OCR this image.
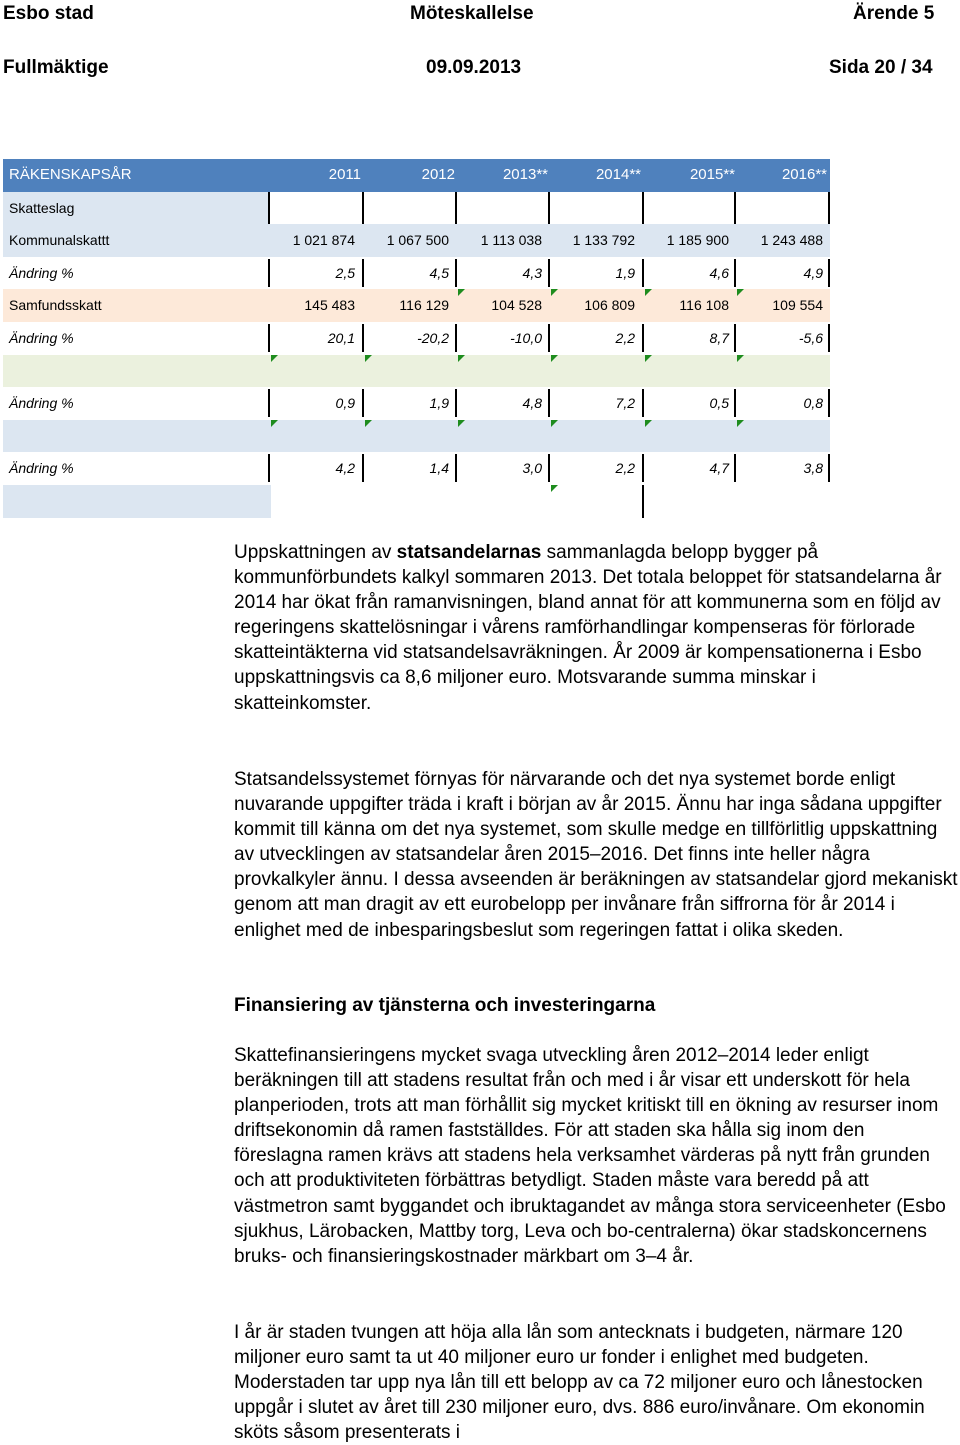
Esbo stad	Möteskallelse	Ärende 5
Fullmäktige	09.09.2013	Sida 20 / 34
RÄKENSKAPSÅR	2011	2012	2013**	2014**	2015**	2016**
Skatteslag
Kommunalskattt	1 021 874	1 067 500	1 113 038	1 133 792	1 185 900	1 243 488
Ändring %	2,5	4,5	4,3	1,9	4,6	4,9
Samfundsskatt	145 483	116 129	104 528	106 809	116 108	109 554
Ändring %	20,1	-20,2	-10,0	2,2	8,7	-5,6
Ändring %	0,9	1,9	4,8	7,2	0,5	0,8
Ändring %	4,2	1,4	3,0	2,2	4,7	3,8

Uppskattningen av statsandelarnas sammanlagda belopp bygger på kommunförbundets kalkyl sommaren 2013. Det totala beloppet för statsandelarna år 2014 har ökat från ramanvisningen, bland annat för att kommunerna som en följd av regeringens skattelösningar i vårens ramförhandlingar kompenseras för förlorade skatteintäkterna vid statsandelsavräkningen. År 2009 är kompensationerna i Esbo uppskattningsvis ca 8,6 miljoner euro. Motsvarande summa minskar i skatteinkomster.

Statsandelssystemet förnyas för närvarande och det nya systemet borde enligt nuvarande uppgifter träda i kraft i början av år 2015. Ännu har inga sådana uppgifter kommit till känna om det nya systemet, som skulle medge en tillförlitlig uppskattning av utvecklingen av statsandelar åren 2015–2016. Det finns inte heller några provkalkyler ännu. I dessa avseenden är beräkningen av statsandelar gjord mekaniskt genom att man dragit av ett eurobelopp per invånare från siffrorna för år 2014 i enlighet med de inbesparingsbeslut som regeringen fattat i olika skeden.

Finansiering av tjänsterna och investeringarna

Skattefinansieringens mycket svaga utveckling åren 2012–2014 leder enligt beräkningen till att stadens resultat från och med i år visar ett underskott för hela planperioden, trots att man förhållit sig mycket kritiskt till en ökning av resurser inom driftsekonomin då ramen fastställdes. För att staden ska hålla sig inom den föreslagna ramen krävs att stadens hela verksamhet värderas på nytt från grunden och att produktiviteten förbättras betydligt. Staden måste vara beredd på att västmetron samt byggandet och ibruktagandet av många stora serviceenheter (Esbo sjukhus, Lärobacken, Mattby torg, Leva och bo-centralerna) ökar stadskoncernens bruks- och finansieringskostnader märkbart om 3–4 år.

I år är staden tvungen att höja alla lån som antecknats i budgeten, närmare 120 miljoner euro samt ta ut 40 miljoner euro ur fonder i enlighet med budgeten. Moderstaden tar upp nya lån till ett belopp av ca 72 miljoner euro och lånestocken uppgår i slutet av året till 230 miljoner euro, dvs. 886 euro/invånare. Om ekonomin sköts såsom presenterats i
